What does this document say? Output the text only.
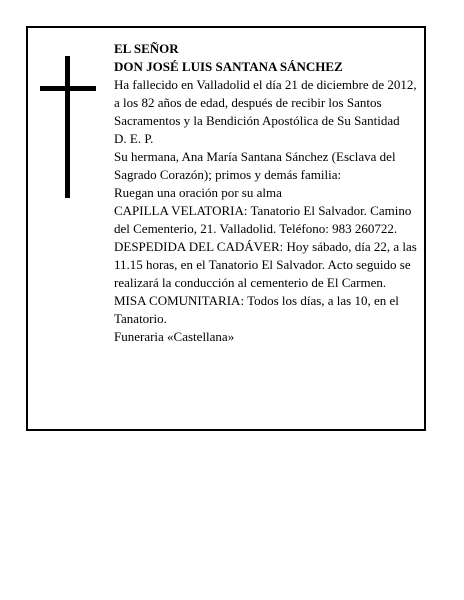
EL SEÑOR

DON JOSÉ LUIS SANTANA SÁNCHEZ

Ha fallecido en Valladolid el día 21 de diciembre de 2012, a los 82 años de edad, después de recibir los Santos Sacramentos y la Bendición Apostólica de Su Santidad

D. E. P.

Su hermana, Ana María Santana Sánchez (Esclava del Sagrado Corazón); primos y demás familia:

Ruegan una oración por su alma

CAPILLA VELATORIA: Tanatorio El Salvador. Camino del Cementerio, 21. Valladolid. Teléfono: 983 260722.

DESPEDIDA DEL CADÁVER: Hoy sábado, día 22, a las 11.15 horas, en el Tanatorio El Salvador. Acto seguido se realizará la conducción al cementerio de El Carmen.

MISA COMUNITARIA: Todos los días, a las 10, en el Tanatorio.

Funeraria «Castellana»
